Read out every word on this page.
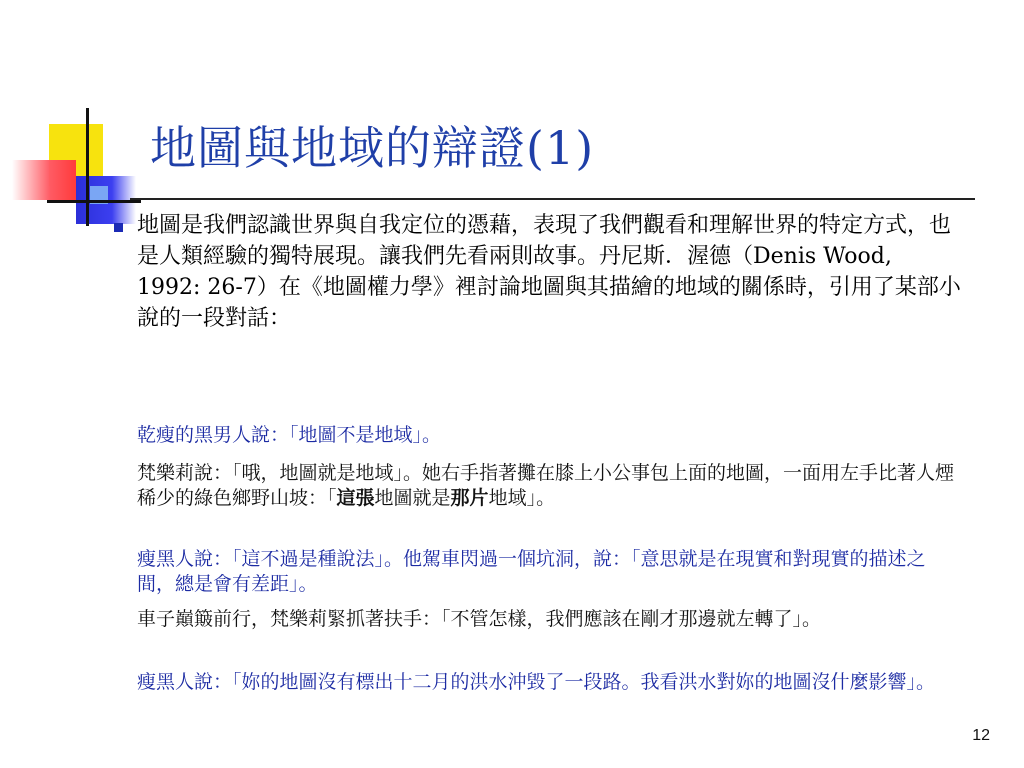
地圖與地域的辯證(1)

地圖是我們認識世界與自我定位的憑藉，表現了我們觀看和理解世界的特定方式，也是人類經驗的獨特展現。讓我們先看兩則故事。丹尼斯．渥德（Denis Wood, 1992: 26-7）在《地圖權力學》裡討論地圖與其描繪的地域的關係時，引用了某部小說的一段對話：

乾瘦的黑男人說：「地圖不是地域」。

梵樂莉說：「哦，地圖就是地域」。她右手指著攤在膝上小公事包上面的地圖，一面用左手比著人煙稀少的綠色鄉野山坡：「這張地圖就是那片地域」。

瘦黑人說：「這不過是種說法」。他駕車閃過一個坑洞，說：「意思就是在現實和對現實的描述之間，總是會有差距」。

車子巔簸前行，梵樂莉緊抓著扶手：「不管怎樣，我們應該在剛才那邊就左轉了」。

瘦黑人說：「妳的地圖沒有標出十二月的洪水沖毀了一段路。我看洪水對妳的地圖沒什麼影響」。

12
